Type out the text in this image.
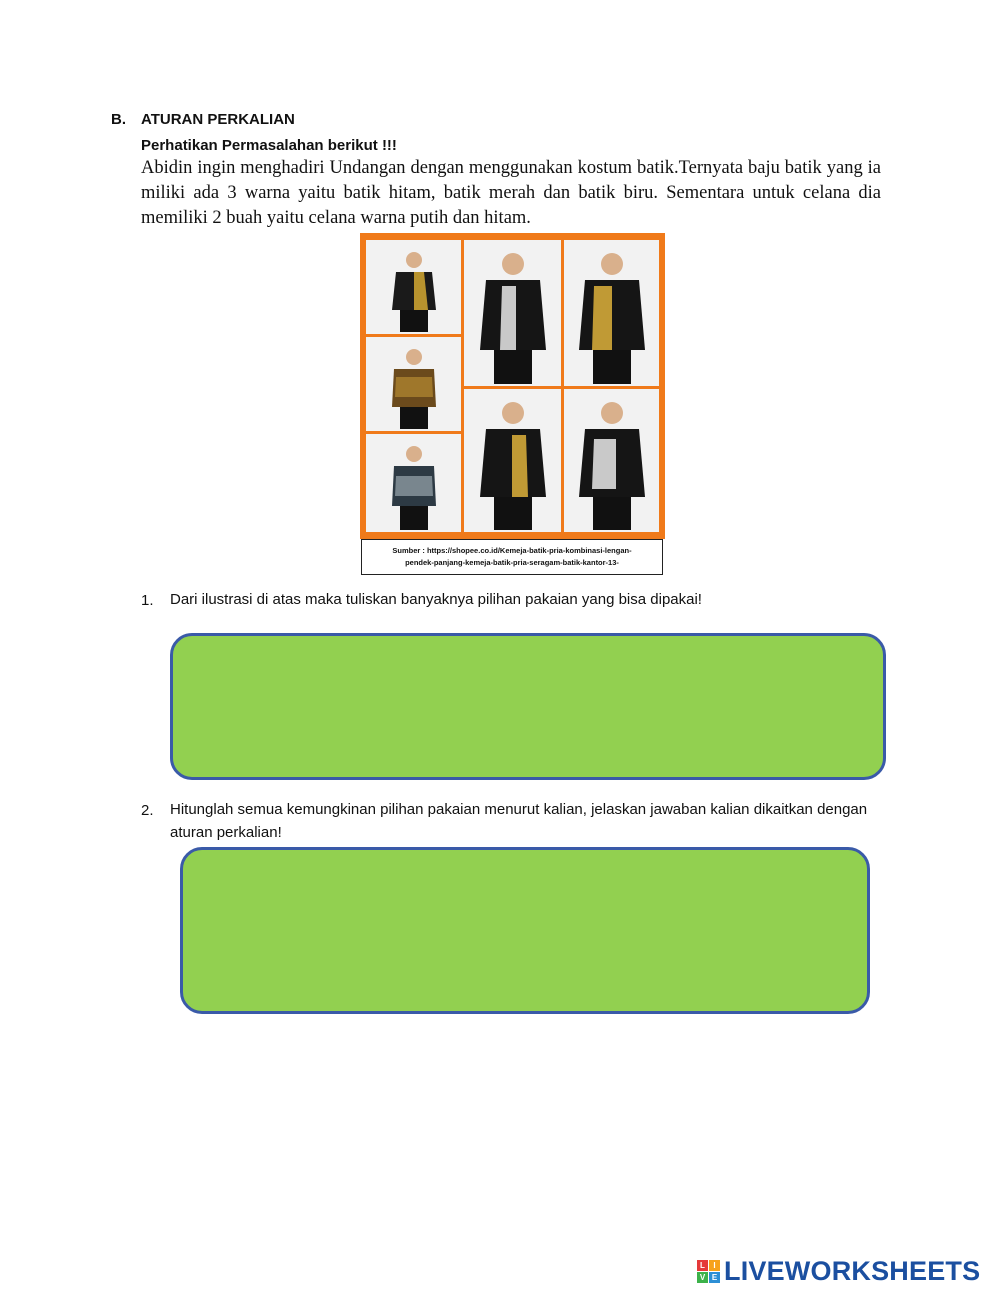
B. ATURAN PERKALIAN
Perhatikan Permasalahan berikut !!!
Abidin ingin menghadiri Undangan dengan menggunakan kostum batik.Ternyata baju batik yang ia miliki ada 3 warna yaitu batik hitam, batik merah dan batik biru. Sementara untuk celana dia memiliki 2 buah yaitu celana warna putih dan hitam.
Sumber : https://shopee.co.id/Kemeja-batik-pria-kombinasi-lengan-
pendek-panjang-kemeja-batik-pria-seragam-batik-kantor-13-
1. Dari ilustrasi di atas maka tuliskan banyaknya pilihan pakaian yang bisa dipakai!
2. Hitunglah semua kemungkinan pilihan pakaian menurut kalian, jelaskan jawaban kalian dikaitkan dengan
aturan perkalian!
L	I
V E LIVEWORKSHEETS
